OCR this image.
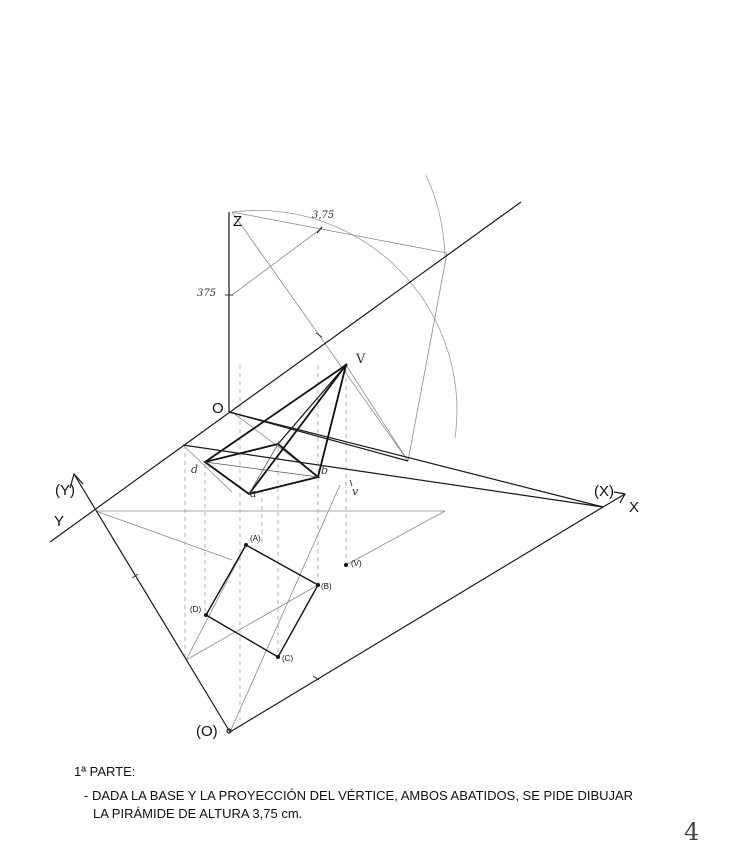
Z
O
(Y)
Y
(X)
X
(O)
3,75
375
V
a
b
d
v
(A)
(B)
(C)
(D)
(V)
1ª PARTE:
- DADA LA BASE Y LA PROYECCIÓN DEL VÉRTICE, AMBOS ABATIDOS, SE PIDE DIBUJAR
LA PIRÁMIDE DE ALTURA 3,75 cm.
4
